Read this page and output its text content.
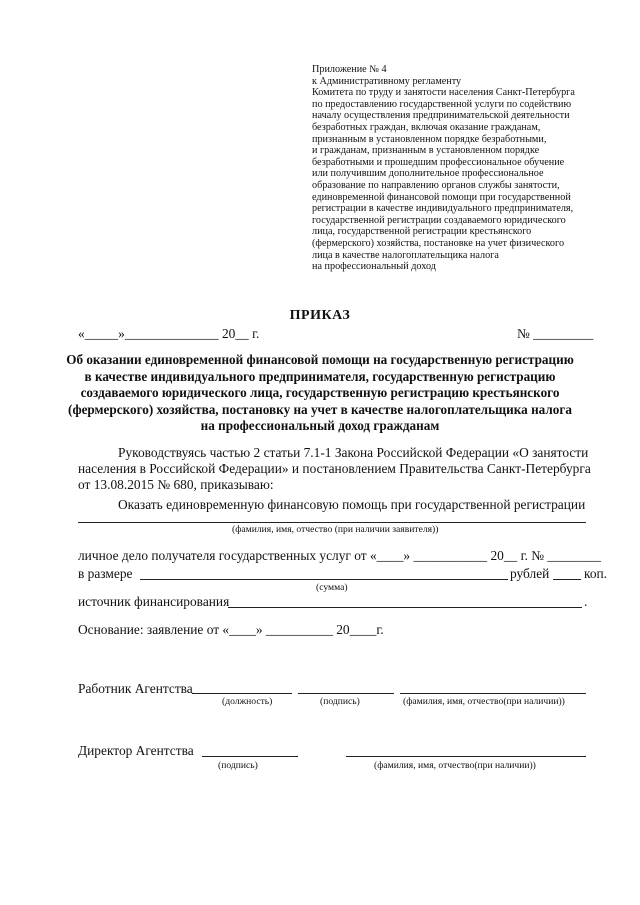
Приложение № 4
к Административному регламенту
Комитета по труду и занятости населения Санкт-Петербурга
по предоставлению государственной услуги по содействию
началу осуществления предпринимательской деятельности
безработных граждан, включая оказание гражданам,
признанным в установленном порядке безработными,
и гражданам, признанным в установленном порядке
безработными и прошедшим профессиональное обучение
или получившим дополнительное профессиональное
образование по направлению органов службы занятости,
единовременной финансовой помощи при государственной
регистрации в качестве индивидуального предпринимателя,
государственной регистрации создаваемого юридического
лица, государственной регистрации крестьянского
(фермерского) хозяйства, постановке на учет физического
лица в качестве налогоплательщика налога
на профессиональный доход
ПРИКАЗ
«_____»______________ 20__ г.	№ _________
Об оказании единовременной финансовой помощи на государственную регистрацию
в качестве индивидуального предпринимателя, государственную регистрацию
создаваемого юридического лица, государственную регистрацию крестьянского
(фермерского) хозяйства, постановку на учет в качестве налогоплательщика налога
на профессиональный доход гражданам
Руководствуясь частью 2 статьи 7.1-1 Закона Российской Федерации «О занятости
населения в Российской Федерации» и постановлением Правительства Санкт-Петербурга
от 13.08.2015 № 680, приказываю:
Оказать единовременную финансовую помощь при государственной регистрации
(фамилия, имя, отчество (при наличии заявителя))
личное дело получателя государственных услуг от «____» ___________ 20__ г. № ________
в размере	рублей	коп.
(сумма)
источник финансирования	.
Основание: заявление от «____» __________ 20____г.
Работник Агентства
(должность)	(подпись)	(фамилия, имя, отчество(при наличии))
Директор Агентства
(подпись)	(фамилия, имя, отчество(при наличии))
